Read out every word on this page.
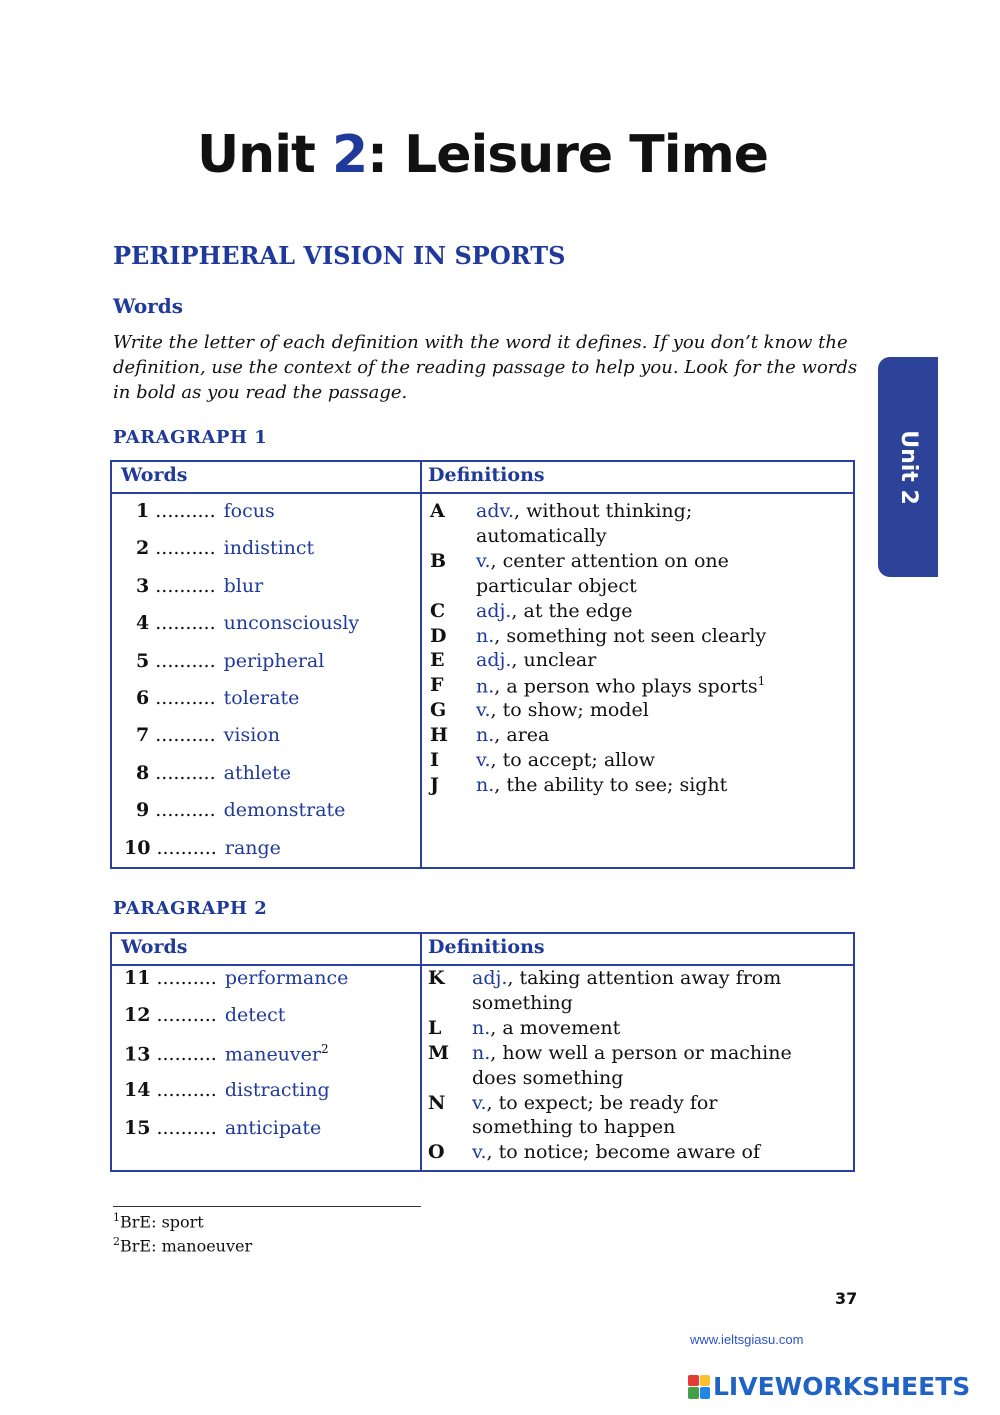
Unit 2: Leisure Time
PERIPHERAL VISION IN SPORTS
Words
Write the letter of each definition with the word it defines. If you don’t know the definition, use the context of the reading passage to help you. Look for the words in bold as you read the passage.
Unit 2
PARAGRAPH 1
Words	Definitions
1 .......... focus
2 .......... indistinct
3 .......... blur
4 .......... unconsciously
5 .......... peripheral
6 .......... tolerate
7 .......... vision
8 .......... athlete
9 .......... demonstrate
10 .......... range
A adv., without thinking;
automatically
B v., center attention on one
particular object
C adj., at the edge
D n., something not seen clearly
E adj., unclear
F n., a person who plays sports$^1$
G v., to show; model
H n., area
I v., to accept; allow
J n., the ability to see; sight
PARAGRAPH 2
Words	Definitions
11 .......... performance
12 .......... detect
13 .......... maneuver$^2$
14 .......... distracting
15 .......... anticipate
K adj., taking attention away from
something
L n., a movement
M n., how well a person or machine
does something
N v., to expect; be ready for
something to happen
O v., to notice; become aware of
$^1$BrE: sport
$^2$BrE: manoeuver
37
www.ieltsgiasu.com
LIVEWORKSHEETS
